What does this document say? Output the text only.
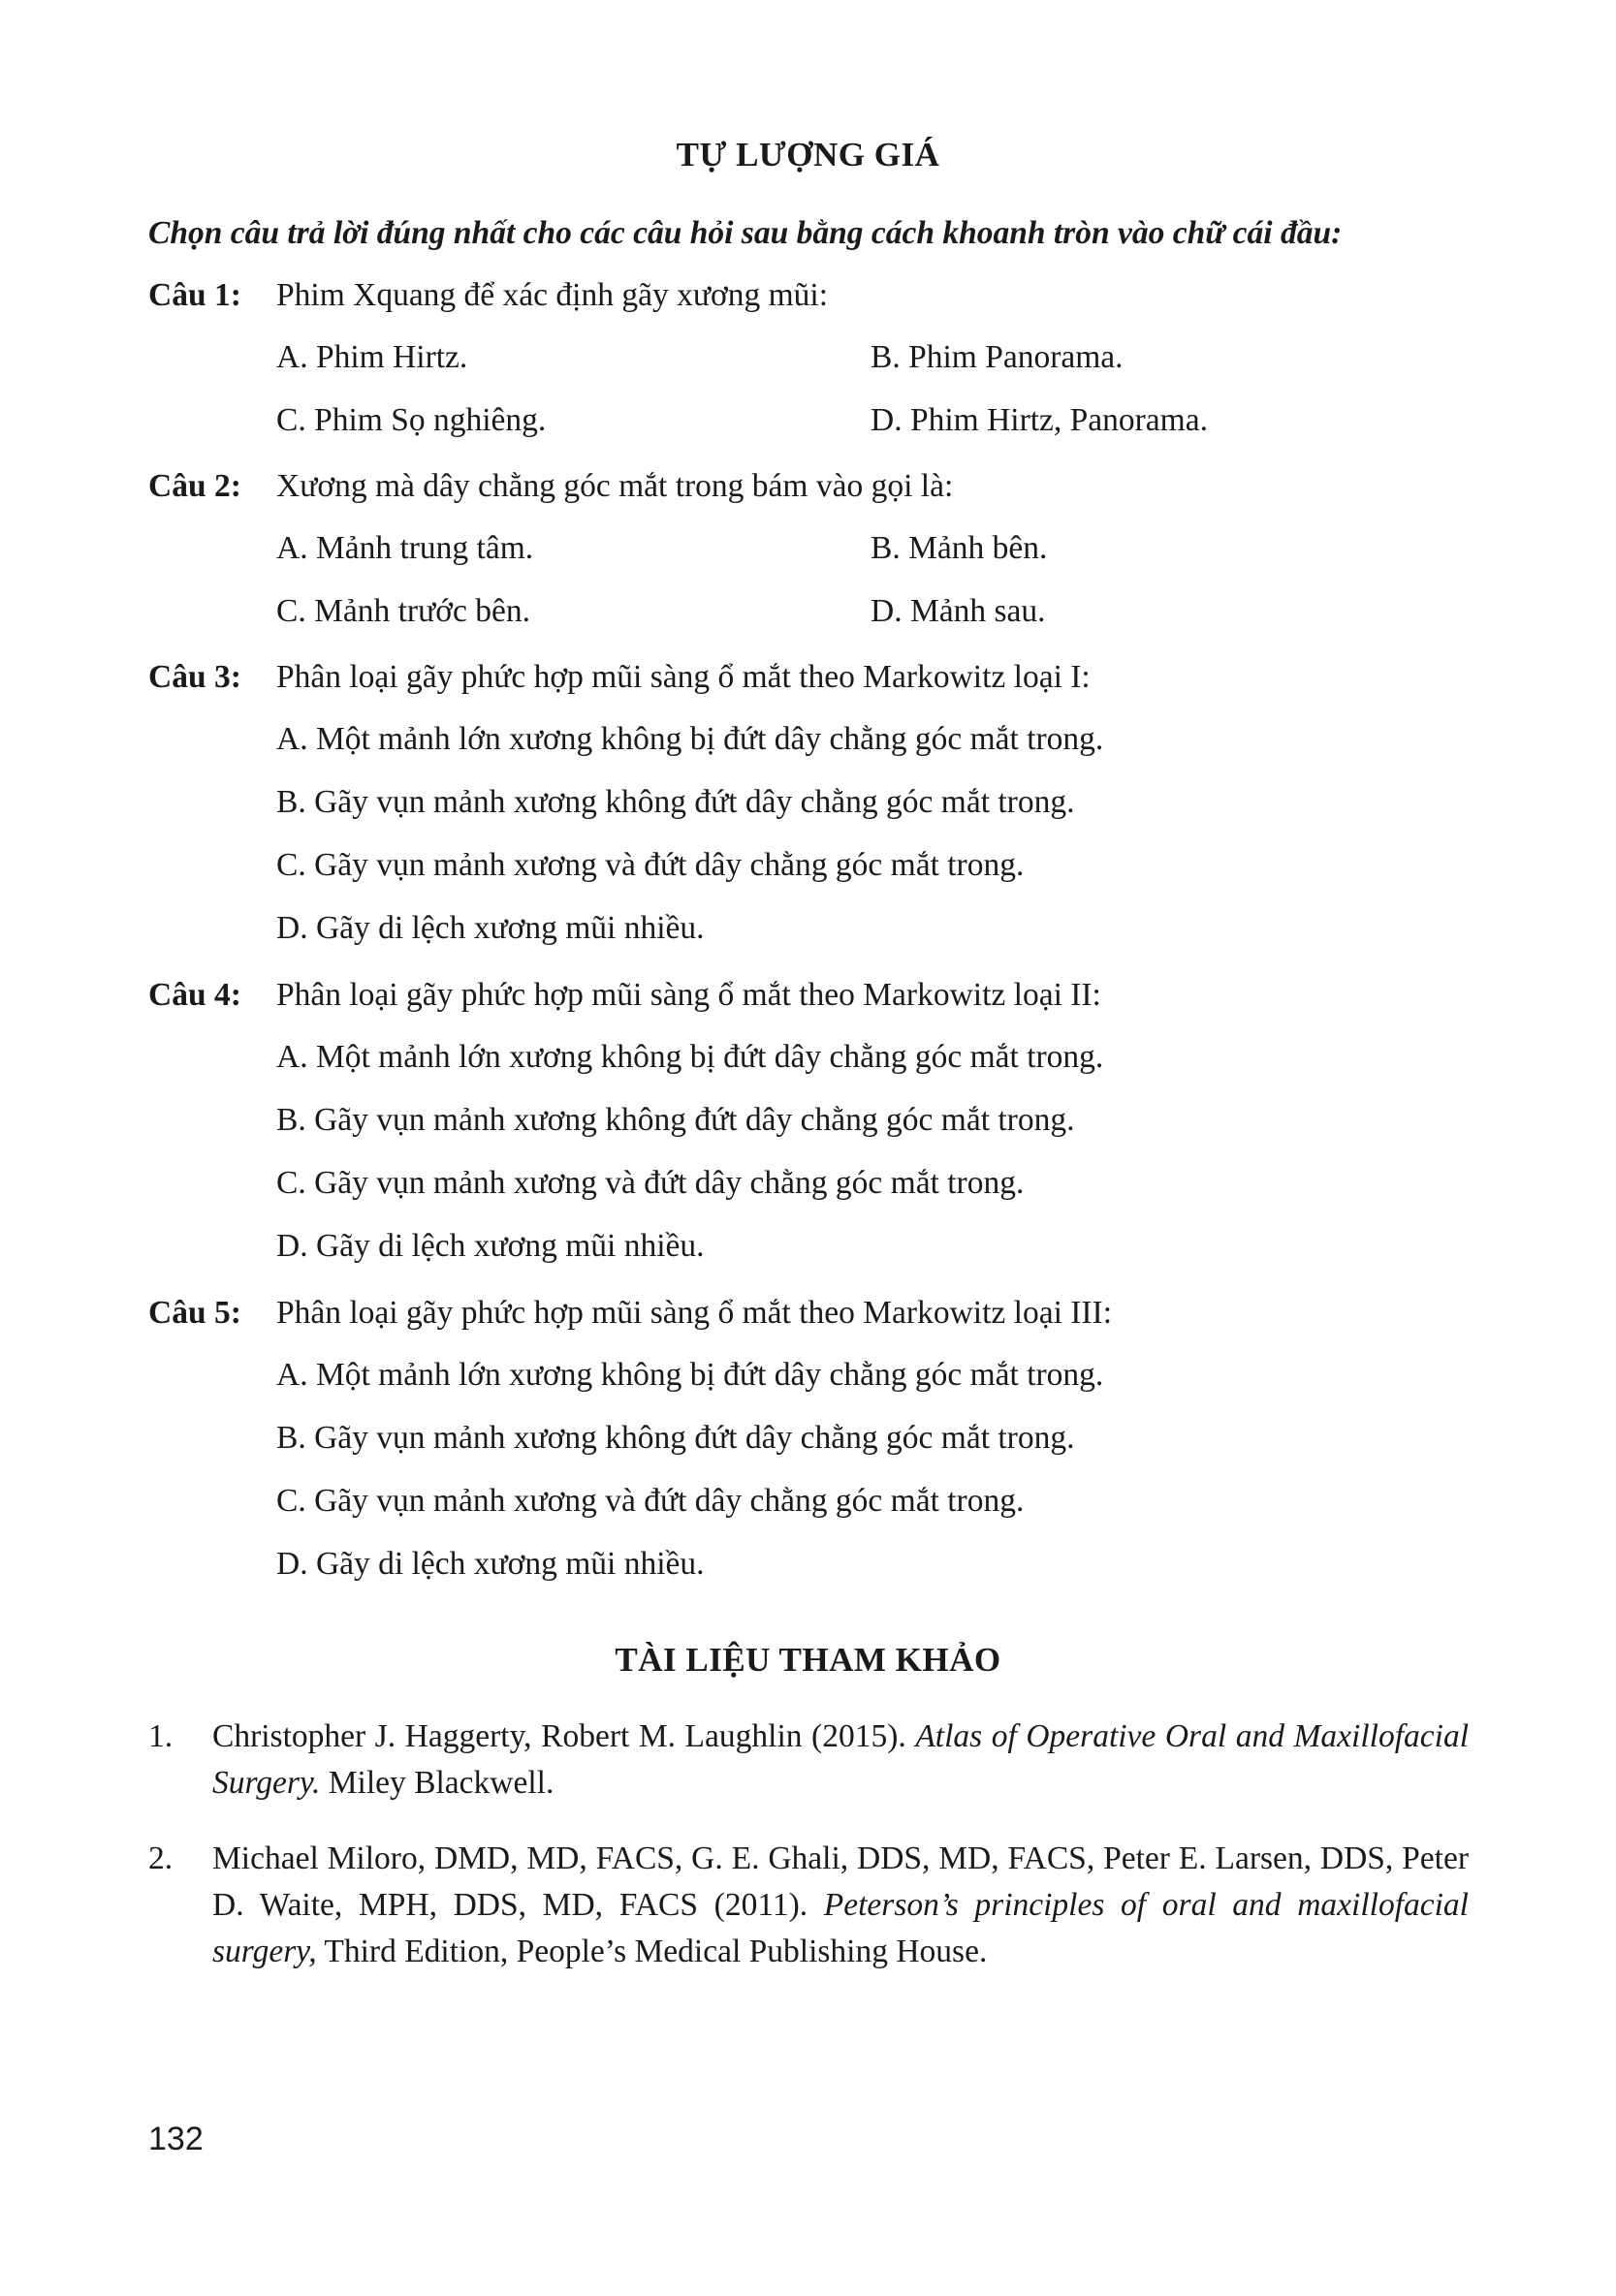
TỰ LƯỢNG GIÁ

Chọn câu trả lời đúng nhất cho các câu hỏi sau bằng cách khoanh tròn vào chữ cái đầu:

Câu 1: Phim Xquang để xác định gãy xương mũi:
A. Phim Hirtz.	B. Phim Panorama.
C. Phim Sọ nghiêng.	D. Phim Hirtz, Panorama.
Câu 2: Xương mà dây chằng góc mắt trong bám vào gọi là:
A. Mảnh trung tâm.	B. Mảnh bên.
C. Mảnh trước bên.	D. Mảnh sau.
Câu 3: Phân loại gãy phức hợp mũi sàng ổ mắt theo Markowitz loại I:
A. Một mảnh lớn xương không bị đứt dây chằng góc mắt trong.
B. Gãy vụn mảnh xương không đứt dây chằng góc mắt trong.
C. Gãy vụn mảnh xương và đứt dây chằng góc mắt trong.
D. Gãy di lệch xương mũi nhiều.
Câu 4: Phân loại gãy phức hợp mũi sàng ổ mắt theo Markowitz loại II:
A. Một mảnh lớn xương không bị đứt dây chằng góc mắt trong.
B. Gãy vụn mảnh xương không đứt dây chằng góc mắt trong.
C. Gãy vụn mảnh xương và đứt dây chằng góc mắt trong.
D. Gãy di lệch xương mũi nhiều.
Câu 5: Phân loại gãy phức hợp mũi sàng ổ mắt theo Markowitz loại III:
A. Một mảnh lớn xương không bị đứt dây chằng góc mắt trong.
B. Gãy vụn mảnh xương không đứt dây chằng góc mắt trong.
C. Gãy vụn mảnh xương và đứt dây chằng góc mắt trong.
D. Gãy di lệch xương mũi nhiều.
TÀI LIỆU THAM KHẢO
1. Christopher J. Haggerty, Robert M. Laughlin (2015). Atlas of Operative Oral and Maxillofacial Surgery. Miley Blackwell.
2. Michael Miloro, DMD, MD, FACS, G. E. Ghali, DDS, MD, FACS, Peter E. Larsen, DDS, Peter D. Waite, MPH, DDS, MD, FACS (2011). Peterson’s principles of oral and maxillofacial surgery, Third Edition, People’s Medical Publishing House.

132
